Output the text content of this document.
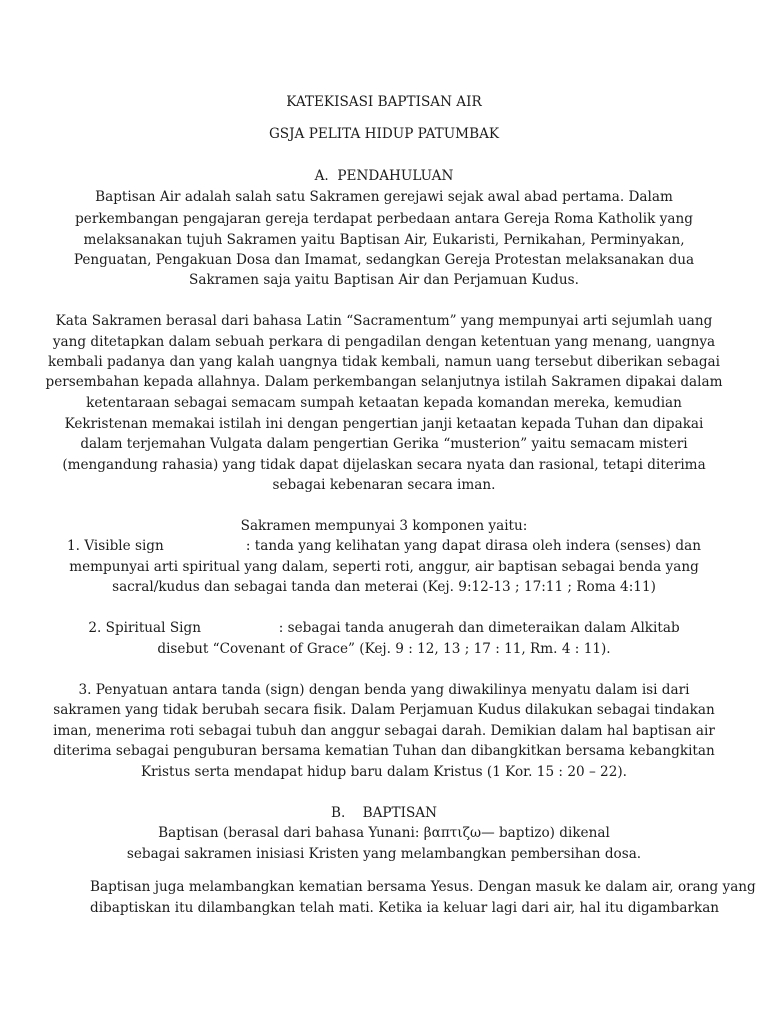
KATEKISASI BAPTISAN AIR
GSJA PELITA HIDUP PATUMBAK
A.  PENDAHULUAN
Baptisan Air adalah salah satu Sakramen gerejawi sejak awal abad pertama. Dalam
perkembangan pengajaran gereja terdapat perbedaan antara Gereja Roma Katholik yang
melaksanakan tujuh Sakramen yaitu Baptisan Air, Eukaristi, Pernikahan, Perminyakan,
Penguatan, Pengakuan Dosa dan Imamat, sedangkan Gereja Protestan melaksanakan dua
Sakramen saja yaitu Baptisan Air dan Perjamuan Kudus.
Kata Sakramen berasal dari bahasa Latin “Sacramentum” yang mempunyai arti sejumlah uang
yang ditetapkan dalam sebuah perkara di pengadilan dengan ketentuan yang menang, uangnya
kembali padanya dan yang kalah uangnya tidak kembali, namun uang tersebut diberikan sebagai
persembahan kepada allahnya. Dalam perkembangan selanjutnya istilah Sakramen dipakai dalam
ketentaraan sebagai semacam sumpah ketaatan kepada komandan mereka, kemudian
Kekristenan memakai istilah ini dengan pengertian janji ketaatan kepada Tuhan dan dipakai
dalam terjemahan Vulgata dalam pengertian Gerika “musterion” yaitu semacam misteri
(mengandung rahasia) yang tidak dapat dijelaskan secara nyata dan rasional, tetapi diterima
sebagai kebenaran secara iman.
Sakramen mempunyai 3 komponen yaitu:
1. Visible sign                   : tanda yang kelihatan yang dapat dirasa oleh indera (senses) dan
mempunyai arti spiritual yang dalam, seperti roti, anggur, air baptisan sebagai benda yang
sacral/kudus dan sebagai tanda dan meterai (Kej. 9:12-13 ; 17:11 ; Roma 4:11)
2. Spiritual Sign                  : sebagai tanda anugerah dan dimeteraikan dalam Alkitab
disebut “Covenant of Grace” (Kej. 9 : 12, 13 ; 17 : 11, Rm. 4 : 11).
3. Penyatuan antara tanda (sign) dengan benda yang diwakilinya menyatu dalam isi dari
sakramen yang tidak berubah secara fisik. Dalam Perjamuan Kudus dilakukan sebagai tindakan
iman, menerima roti sebagai tubuh dan anggur sebagai darah. Demikian dalam hal baptisan air
diterima sebagai penguburan bersama kematian Tuhan dan dibangkitkan bersama kebangkitan
Kristus serta mendapat hidup baru dalam Kristus (1 Kor. 15 : 20 – 22).
B.    BAPTISAN
Baptisan (berasal dari bahasa Yunani: βαπτιζω— baptizo) dikenal
sebagai sakramen inisiasi Kristen yang melambangkan pembersihan dosa.
Baptisan juga melambangkan kematian bersama Yesus. Dengan masuk ke dalam air, orang yang
dibaptiskan itu dilambangkan telah mati. Ketika ia keluar lagi dari air, hal itu digambarkan
